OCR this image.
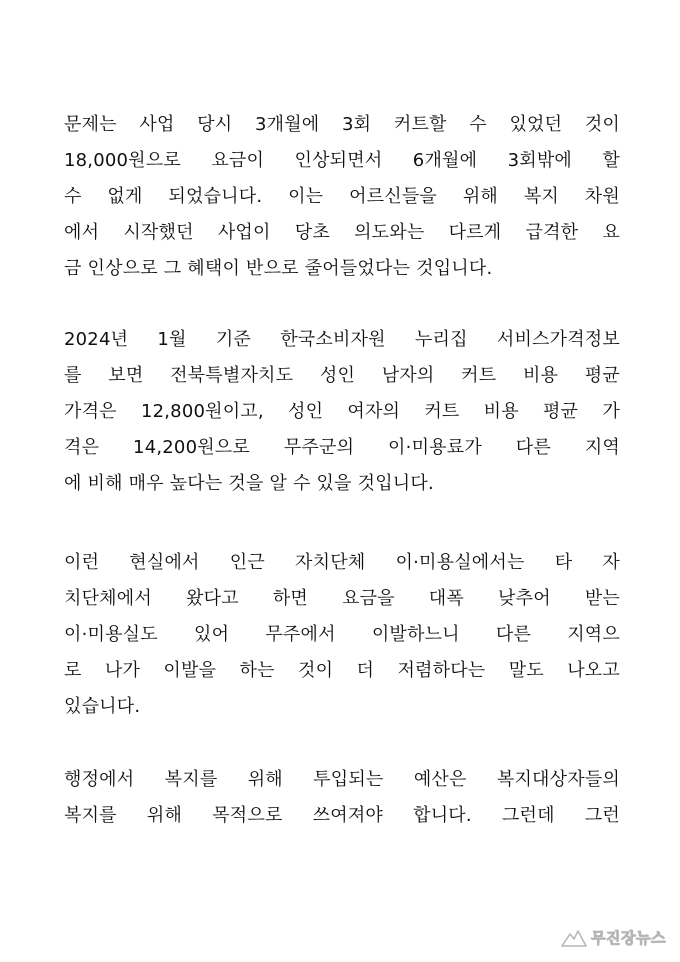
문제는 사업 당시 3개월에 3회 커트할 수 있었던 것이
18,000원으로 요금이 인상되면서 6개월에 3회밖에 할
수 없게 되었습니다. 이는 어르신들을 위해 복지 차원
에서 시작했던 사업이 당초 의도와는 다르게 급격한 요
금 인상으로 그 혜택이 반으로 줄어들었다는 것입니다.
2024년 1월 기준 한국소비자원 누리집 서비스가격정보
를 보면 전북특별자치도 성인 남자의 커트 비용 평균
가격은 12,800원이고, 성인 여자의 커트 비용 평균 가
격은 14,200원으로 무주군의 이·미용료가 다른 지역
에 비해 매우 높다는 것을 알 수 있을 것입니다.
이런 현실에서 인근 자치단체 이·미용실에서는 타 자
치단체에서 왔다고 하면 요금을 대폭 낮추어 받는
이·미용실도 있어 무주에서 이발하느니 다른 지역으
로 나가 이발을 하는 것이 더 저렴하다는 말도 나오고
있습니다.
행정에서 복지를 위해 투입되는 예산은 복지대상자들의
복지를 위해 목적으로 쓰여져야 합니다. 그런데 그런
무진장뉴스
